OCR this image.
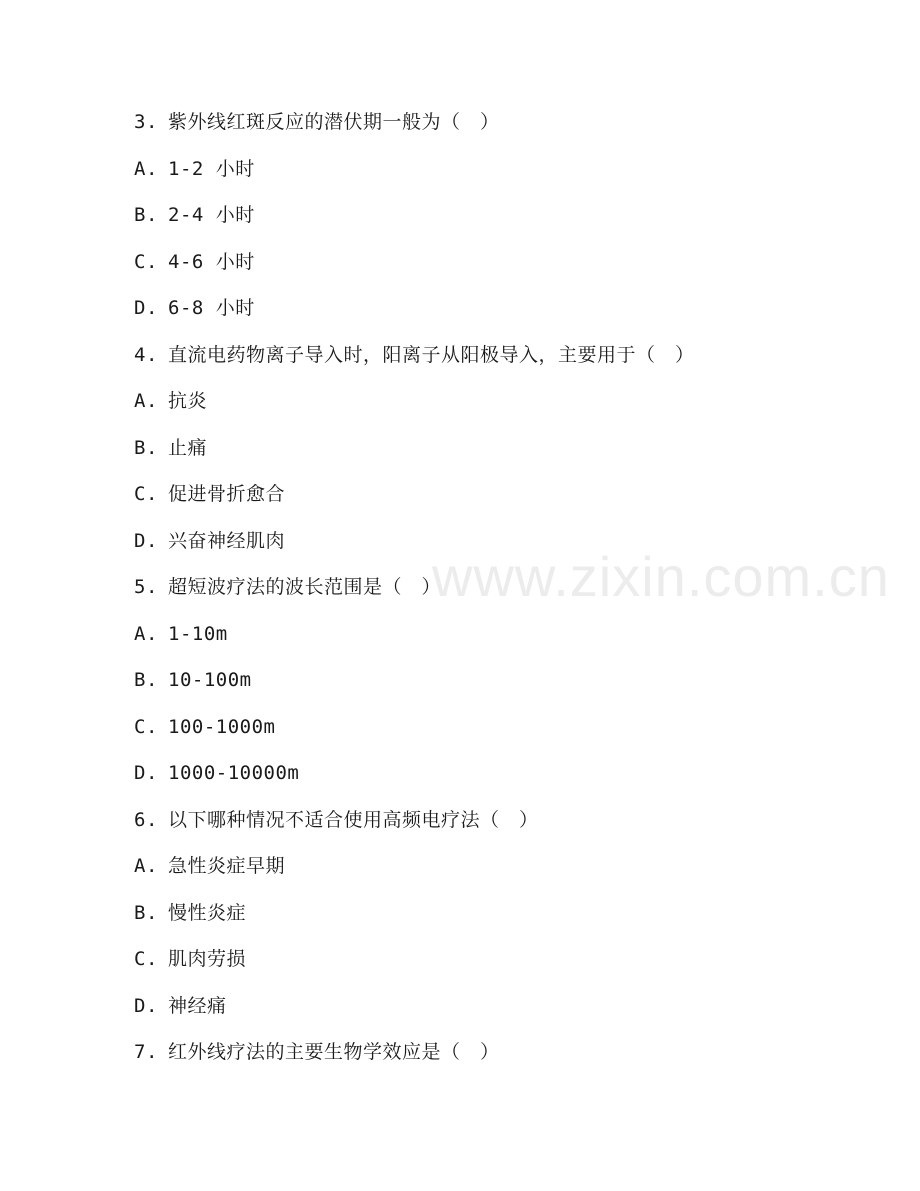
www.zixin.com.cn
3. 紫外线红斑反应的潜伏期一般为（　）
A. 1-2 小时
B. 2-4 小时
C. 4-6 小时
D. 6-8 小时
4. 直流电药物离子导入时，阳离子从阳极导入，主要用于（　）
A. 抗炎
B. 止痛
C. 促进骨折愈合
D. 兴奋神经肌肉
5. 超短波疗法的波长范围是（　）
A. 1-10m
B. 10-100m
C. 100-1000m
D. 1000-10000m
6. 以下哪种情况不适合使用高频电疗法（　）
A. 急性炎症早期
B. 慢性炎症
C. 肌肉劳损
D. 神经痛
7. 红外线疗法的主要生物学效应是（　）
